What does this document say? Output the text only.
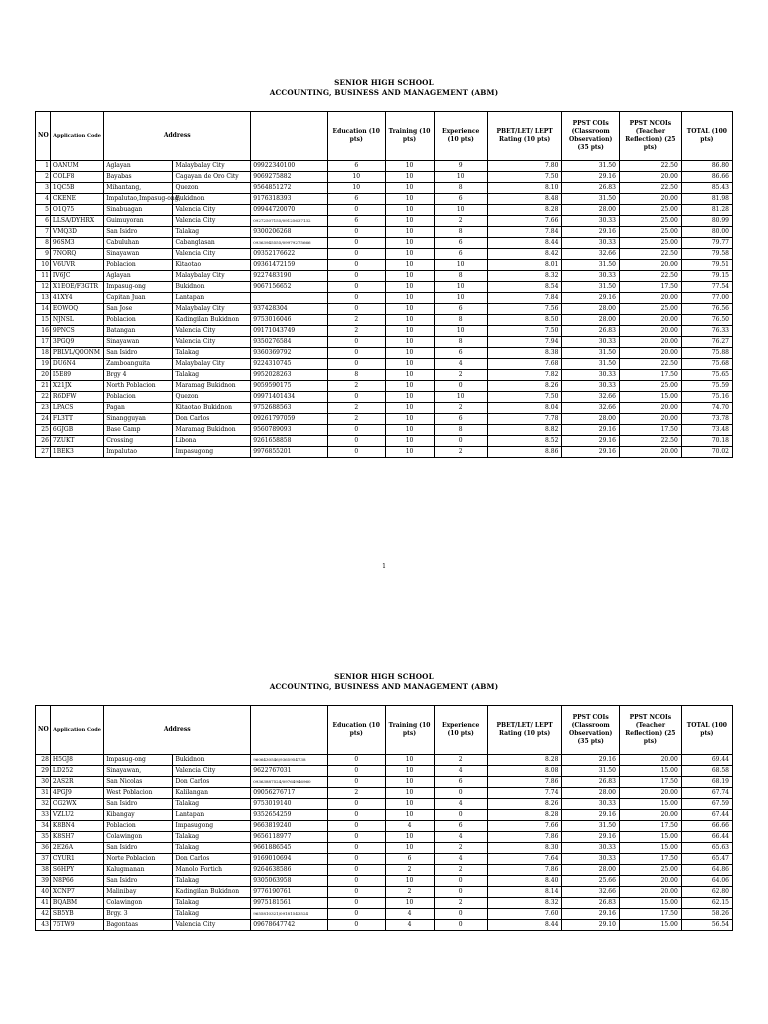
SENIOR HIGH SCHOOL
ACCOUNTING, BUSINESS AND MANAGEMENT (ABM)
NO	Application Code	Address			Education (10 pts)	Training (10 pts)	Experience (10 pts)	PBET/LET/ LEPT Rating (10 pts)	PPST COIs (Classroom Observation) (35 pts)	PPST NCOIs (Teacher Reflection) (25 pts)	TOTAL (100 pts)
1	OANUM	Aglayan	Malaybalay City	09922340100	6	10	9	7.80	31.50	22.50	86.80
2	COLF8	Bayabas	Cagayan de Oro City	9069275882	10	10	10	7.50	29.16	20.00	86.66
3	1QC5B	Mihantang,	Quezon	9564851272	10	10	8	8.10	26.83	22.50	85.43
4	CKENE	Impalutao,Impasug-ong,	Bukidnon	9176318393	6	10	6	8.48	31.50	20.00	81.98
5	O1Q75	Sinabuagan	Valencia City	09944720070	0	10	10	8.28	28.00	25.00	81.28
6	LLSA/DYHRX	Guimuyoran	Valencia City	09272507155/09125637132	6	10	2	7.66	30.33	25.00	80.99
7	VMQ3D	San Isidro	Talakag	9300206268	0	10	8	7.84	29.16	25.00	80.00
8	96SM3	Cabuluhan	Cabanglasan	09363945555/09979275666	0	10	6	8.44	30.33	25.00	79.77
9	7NORQ	Sinayawan	Valencia City	09352176622	0	10	6	8.42	32.66	22.50	79.58
10	V6UVR	Poblacion	Kitaotao	09361472159	0	10	10	8.01	31.50	20.00	79.51
11	IV6JC	Aglayan	Malaybalay City	9227483190	0	10	8	8.32	30.33	22.50	79.15
12	X1EOE/F3GTR	Impasug-ong	Bukidnon	9067156652	0	10	10	8.54	31.50	17.50	77.54
13	41XY4	Capitan Juan	Lantapan		0	10	10	7.84	29.16	20.00	77.00
14	EOWOQ	San Jose	Malaybalay City	937428304	0	10	6	7.56	28.00	25.00	76.56
15	NJNSL	Poblacion	Kadingilan Bukidnon	9753016046	2	10	8	8.50	28.00	20.00	76.50
16	9PNCS	Batangan	Valencia City	09171043749	2	10	10	7.50	26.83	20.00	76.33
17	3PGQ9	Sinayawan	Valencia City	9350276584	0	10	8	7.94	30.33	20.00	76.27
18	PBLVL/Q0ONM	San Isidro	Talakag	9360369792	0	10	6	8.38	31.50	20.00	75.88
19	DU6N4	Zamboanguita	Malaybalay City	9224310745	0	10	4	7.68	31.50	22.50	75.68
20	I5E89	Brgy 4	Talakag	9952028263	8	10	2	7.82	30.33	17.50	75.65
21	X21JX	North Poblacion	Maramag Bukidnon	9059590175	2	10	0	8.26	30.33	25.00	75.59
22	R6DFW	Poblacion	Quezon	09971401434	0	10	10	7.50	32.66	15.00	75.16
23	LPACS	Pagan	Kitaotao Bukidnon	9752688563	2	10	2	8.04	32.66	20.00	74.70
24	FL3TT	Sinangguyan	Don Carlos	09261797059	2	10	6	7.78	28.00	20.00	73.78
25	6GJGB	Base Camp	Maramag Bukidnon	9560789093	0	10	8	8.82	29.16	17.50	73.48
26	7ZUKT	Crossing	Libona	9261658858	0	10	0	8.52	29.16	22.50	70.18
27	1BEK3	Impalutao	Impasugong	9976855201	0	10	2	8.86	29.16	20.00	70.02
1
SENIOR HIGH SCHOOL
ACCOUNTING, BUSINESS AND MANAGEMENT (ABM)
NO	Application Code	Address			Education (10 pts)	Training (10 pts)	Experience (10 pts)	PBET/LET/ LEPT Rating (10 pts)	PPST COIs (Classroom Observation) (35 pts)	PPST NCOIs (Teacher Reflection) (25 pts)	TOTAL (100 pts)
28	H5GJ8	Impasug-ong	Bukidnon	9606430546/9365954738	0	10	2	8.28	29.16	20.00	69.44
29	LD252	Sinayawan,	Valencia City	9622767031	0	10	4	8.08	31.50	15.00	68.58
30	2AS2R	San Nicolas	Don Carlos	09363887524/09764946960	0	10	6	7.86	26.83	17.50	68.19
31	4PGJ9	West Poblacion	Kalilangan	09056276717	2	10	0	7.74	28.00	20.00	67.74
32	CG2WX	San Isidro	Talakag	9753019140	0	10	4	8.26	30.33	15.00	67.59
33	VZLU2	Kibangay	Lantapan	9352654259	0	10	0	8.28	29.16	20.00	67.44
34	K8BN4	Poblacion	Impasugong	9663819240	0	4	6	7.66	31.50	17.50	66.66
35	K8SH7	Colawingon	Talakag	9656118977	0	10	4	7.86	29.16	15.00	66.44
36	2E26A	San Isidro	Talakag	9661886545	0	10	2	8.30	30.33	15.00	65.63
37	CYUR1	Norte Poblacion	Don Carlos	9169010694	0	6	4	7.64	30.33	17.50	65.47
38	S6HPY	Kalugmanan	Manolo Fortich	9264638586	0	2	2	7.86	28.00	25.00	64.86
39	N8P66	San Isidro	Talakag	9305063958	0	10	0	8.40	25.66	20.00	64.06
40	XCNP7	Malinibay	Kadingilan Bukidnon	9776190761	0	2	0	8.14	32.66	20.00	62.80
41	BQABM	Colawingon	Talakag	9975181561	0	10	2	8.32	26.83	15.00	62.15
42	SB5YB	Brgy. 3	Talakag	9655810321/09181543524	0	4	0	7.60	29.16	17.50	58.26
43	75TW9	Bagontaas	Valencia City	09678647742	0	4	0	8.44	29.10	15.00	56.54
